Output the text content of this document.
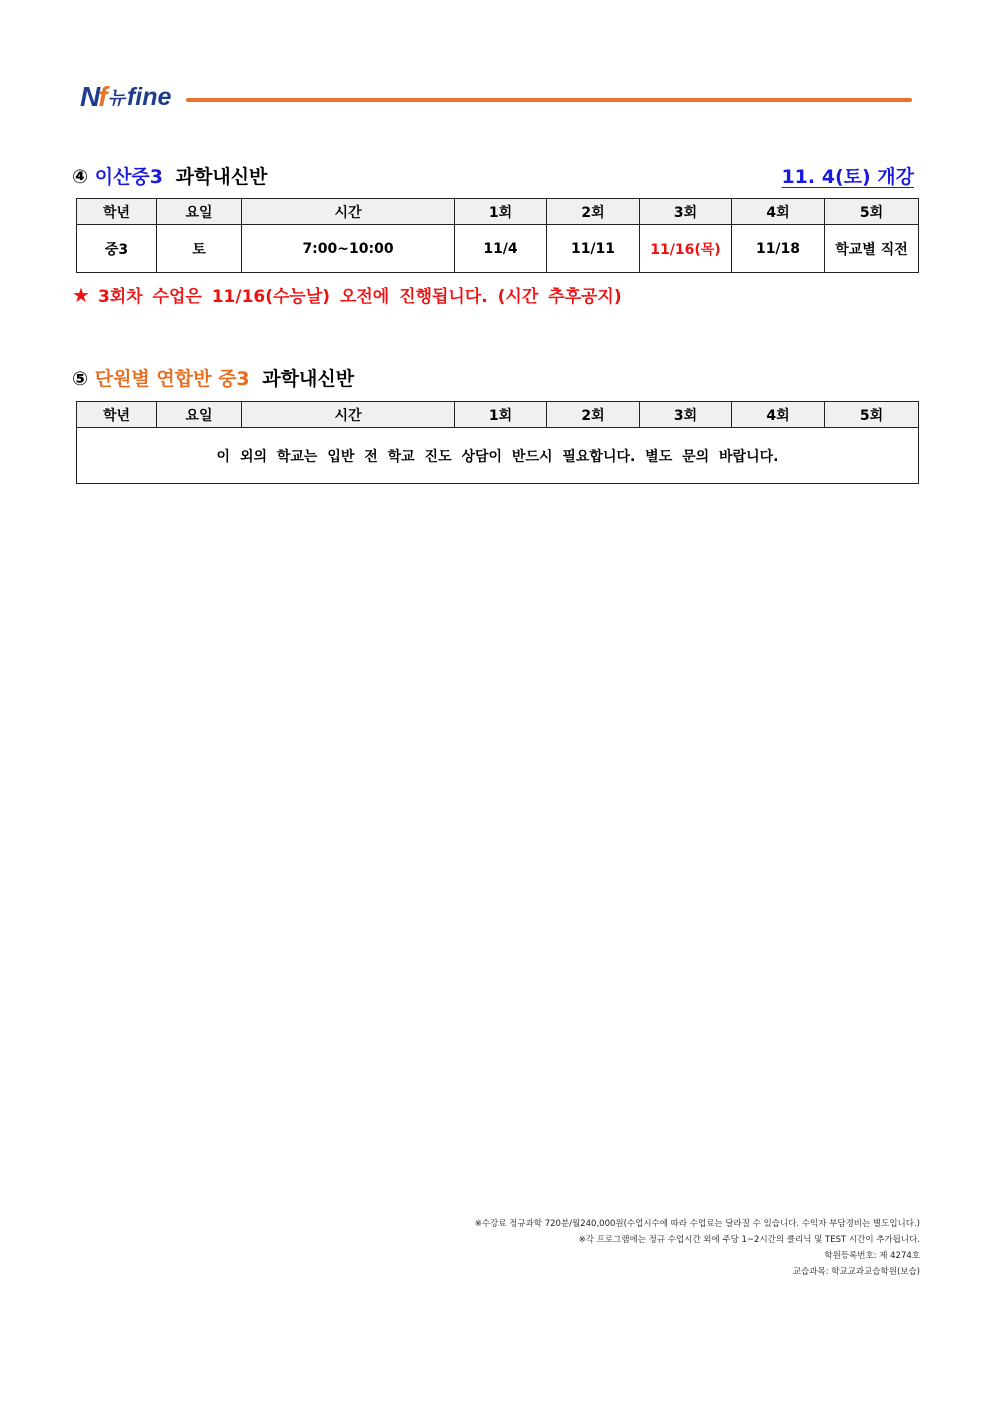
Nf 뉴 fine
④ 이산중3 과학내신반	11. 4(토) 개강
학년	요일	시간	1회	2회	3회	4회	5회
중3	토	7:00~10:00	11/4	11/11	11/16(목)	11/18	학교별 직전
★ 3회차 수업은 11/16(수능날) 오전에 진행됩니다. (시간 추후공지)
⑤ 단원별 연합반 중3 과학내신반
학년	요일	시간	1회	2회	3회	4회	5회
이 외의 학교는 입반 전 학교 진도 상담이 반드시 필요합니다. 별도 문의 바랍니다.
※수강료 정규과학 720분/월240,000원(수업시수에 따라 수업료는 달라질 수 있습니다. 수익자 부담경비는 별도입니다.)
※각 프로그램에는 정규 수업시간 외에 주당 1~2시간의 클리닉 및 TEST 시간이 추가됩니다.
학원등록번호: 제 4274호
교습과목: 학교교과교습학원(보습)
